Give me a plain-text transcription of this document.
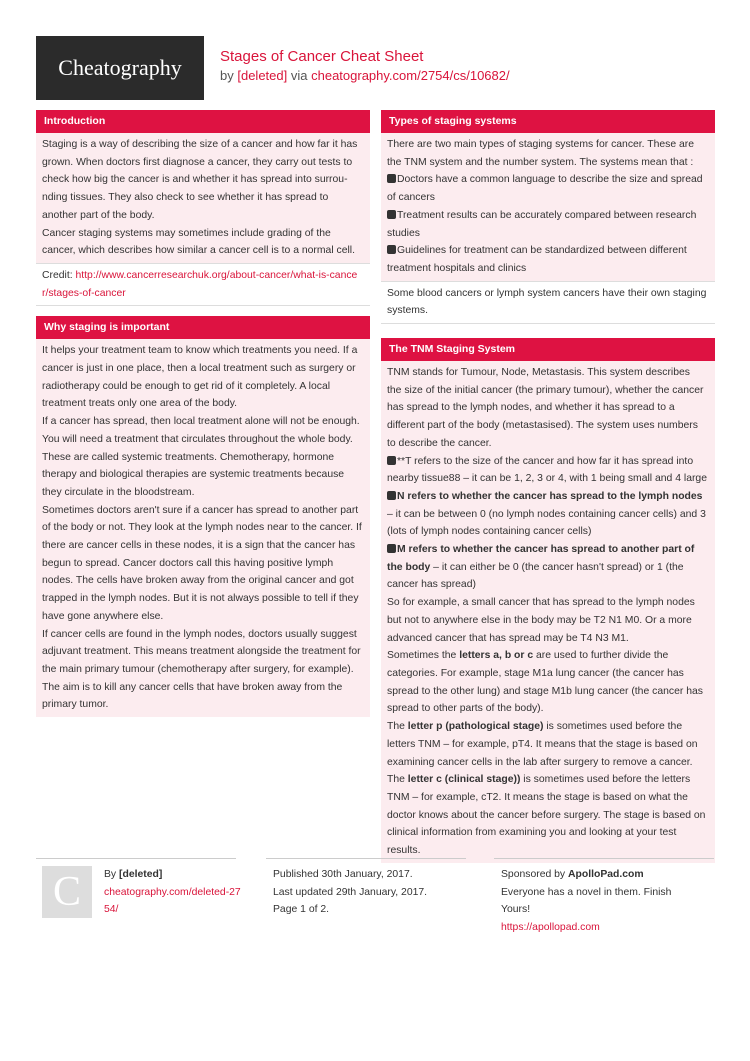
Cheatography	Stages of Cancer Cheat Sheet
by [deleted] via cheatography.com/2754/cs/10682/
Introduction
Staging is a way of describing the size of a cancer and how far it has grown. When doctors first diagnose a cancer, they carry out tests to check how big the cancer is and whether it has spread into surrou-nding tissues. They also check to see whether it has spread to another part of the body.
Cancer staging systems may sometimes include grading of the cancer, which describes how similar a cancer cell is to a normal cell.
Credit: http://www.cancerresearchuk.org/about-cancer/what-is-cancer/stages-of-cancer
Why staging is important
It helps your treatment team to know which treatments you need. If a cancer is just in one place, then a local treatment such as surgery or radiotherapy could be enough to get rid of it completely. A local treatment treats only one area of the body.
If a cancer has spread, then local treatment alone will not be enough. You will need a treatment that circulates throughout the whole body. These are called systemic treatments. Chemotherapy, hormone therapy and biological therapies are systemic treatments because they circulate in the bloodstream.
Sometimes doctors aren't sure if a cancer has spread to another part of the body or not. They look at the lymph nodes near to the cancer. If there are cancer cells in these nodes, it is a sign that the cancer has begun to spread. Cancer doctors call this having positive lymph nodes. The cells have broken away from the original cancer and got trapped in the lymph nodes. But it is not always possible to tell if they have gone anywhere else.
If cancer cells are found in the lymph nodes, doctors usually suggest adjuvant treatment. This means treatment alongside the treatment for the main primary tumour (chemotherapy after surgery, for example). The aim is to kill any cancer cells that have broken away from the primary tumor.
Types of staging systems
There are two main types of staging systems for cancer. These are the TNM system and the number system. The systems mean that :
Doctors have a common language to describe the size and spread of cancers
Treatment results can be accurately compared between research studies
Guidelines for treatment can be standardized between different treatment hospitals and clinics
Some blood cancers or lymph system cancers have their own staging systems.
The TNM Staging System
TNM stands for Tumour, Node, Metastasis. This system describes the size of the initial cancer (the primary tumour), whether the cancer has spread to the lymph nodes, and whether it has spread to a different part of the body (metastasised). The system uses numbers to describe the cancer.
**T refers to the size of the cancer and how far it has spread into nearby tissue88 – it can be 1, 2, 3 or 4, with 1 being small and 4 large
N refers to whether the cancer has spread to the lymph nodes – it can be between 0 (no lymph nodes containing cancer cells) and 3 (lots of lymph nodes containing cancer cells)
M refers to whether the cancer has spread to another part of the body – it can either be 0 (the cancer hasn't spread) or 1 (the cancer has spread)
So for example, a small cancer that has spread to the lymph nodes but not to anywhere else in the body may be T2 N1 M0. Or a more advanced cancer that has spread may be T4 N3 M1.
Sometimes the letters a, b or c are used to further divide the categories. For example, stage M1a lung cancer (the cancer has spread to the other lung) and stage M1b lung cancer (the cancer has spread to other parts of the body).
The letter p (pathological stage) is sometimes used before the letters TNM – for example, pT4. It means that the stage is based on examining cancer cells in the lab after surgery to remove a cancer.
The letter c (clinical stage)) is sometimes used before the letters TNM – for example, cT2. It means the stage is based on what the doctor knows about the cancer before surgery. The stage is based on clinical information from examining you and looking at your test results.
C	By [deleted]
cheatography.com/deleted-2754/
Published 30th January, 2017.
Last updated 29th January, 2017.
Page 1 of 2.
Sponsored by ApolloPad.com
Everyone has a novel in them. Finish Yours!
https://apollopad.com
